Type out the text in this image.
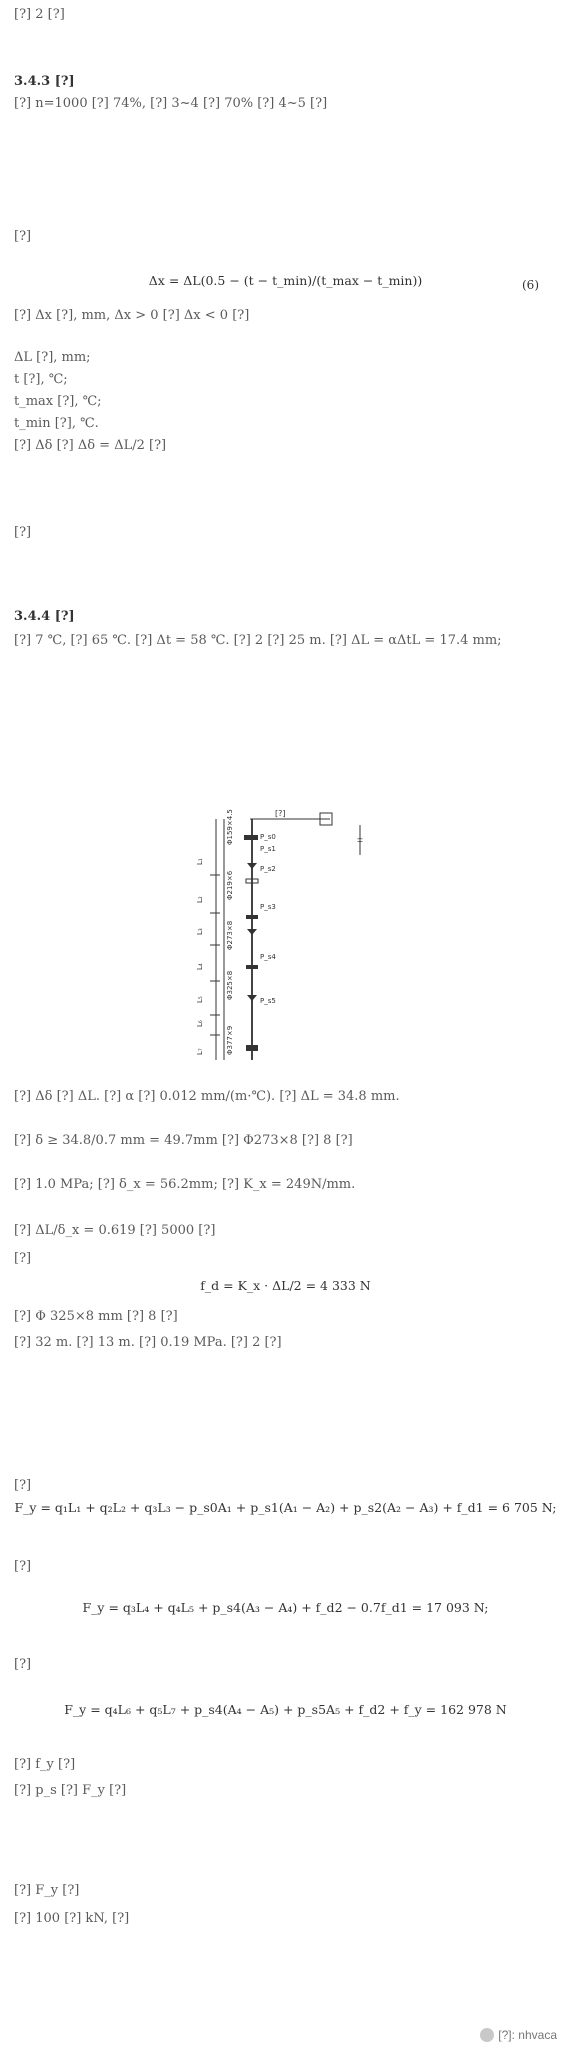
[?] 2 [?]
3.4.3 [?]
[?] n=1000 [?] 74%, [?] 3~4 [?] 70% [?] 4~5 [?]
[?]
Δx = ΔL(0.5 − (t − t_min)/(t_max − t_min))	(6)
[?] Δx [?], mm, Δx > 0 [?] Δx < 0 [?]
ΔL [?], mm;
t [?], ℃;
t_max [?], ℃;
t_min [?], ℃.
[?] Δδ [?] Δδ = ΔL/2 [?]
[?]
3.4.4 [?]
[?] 7 ℃, [?] 65 ℃. [?] Δt = 58 ℃. [?] 2 [?] 25 m. [?] ΔL = αΔtL = 17.4 mm;
[?]
±
P_s0
P_s1
P_s2
P_s3
P_s4
P_s5
Φ159×4.5
Φ219×6
Φ273×8
Φ325×8
Φ377×9
L₁
L₂
L₃
L₄
L₅
L₆
L₇
[?] Δδ [?] ΔL. [?] α [?] 0.012 mm/(m·℃). [?] ΔL = 34.8 mm.
[?] δ ≥ 34.8/0.7 mm = 49.7mm [?] Φ273×8 [?] 8 [?]
[?] 1.0 MPa; [?] δ_x = 56.2mm; [?] K_x = 249N/mm.
[?] ΔL/δ_x = 0.619 [?] 5000 [?]
[?]
f_d = K_x · ΔL/2 = 4 333 N
[?] Φ 325×8 mm [?] 8 [?]
[?] 32 m. [?] 13 m. [?] 0.19 MPa. [?] 2 [?]
[?]
F_y = q₁L₁ + q₂L₂ + q₃L₃ − p_s0A₁ + p_s1(A₁ − A₂) + p_s2(A₂ − A₃) + f_d1 = 6 705 N;
[?]
F_y = q₃L₄ + q₄L₅ + p_s4(A₃ − A₄) + f_d2 − 0.7f_d1 = 17 093 N;
[?]
F_y = q₄L₆ + q₅L₇ + p_s4(A₄ − A₅) + p_s5A₅ + f_d2 + f_y = 162 978 N
[?] f_y [?]
[?] p_s [?] F_y [?]
[?] F_y [?]
[?] 100 [?] kN, [?]
[?]: nhvaca
